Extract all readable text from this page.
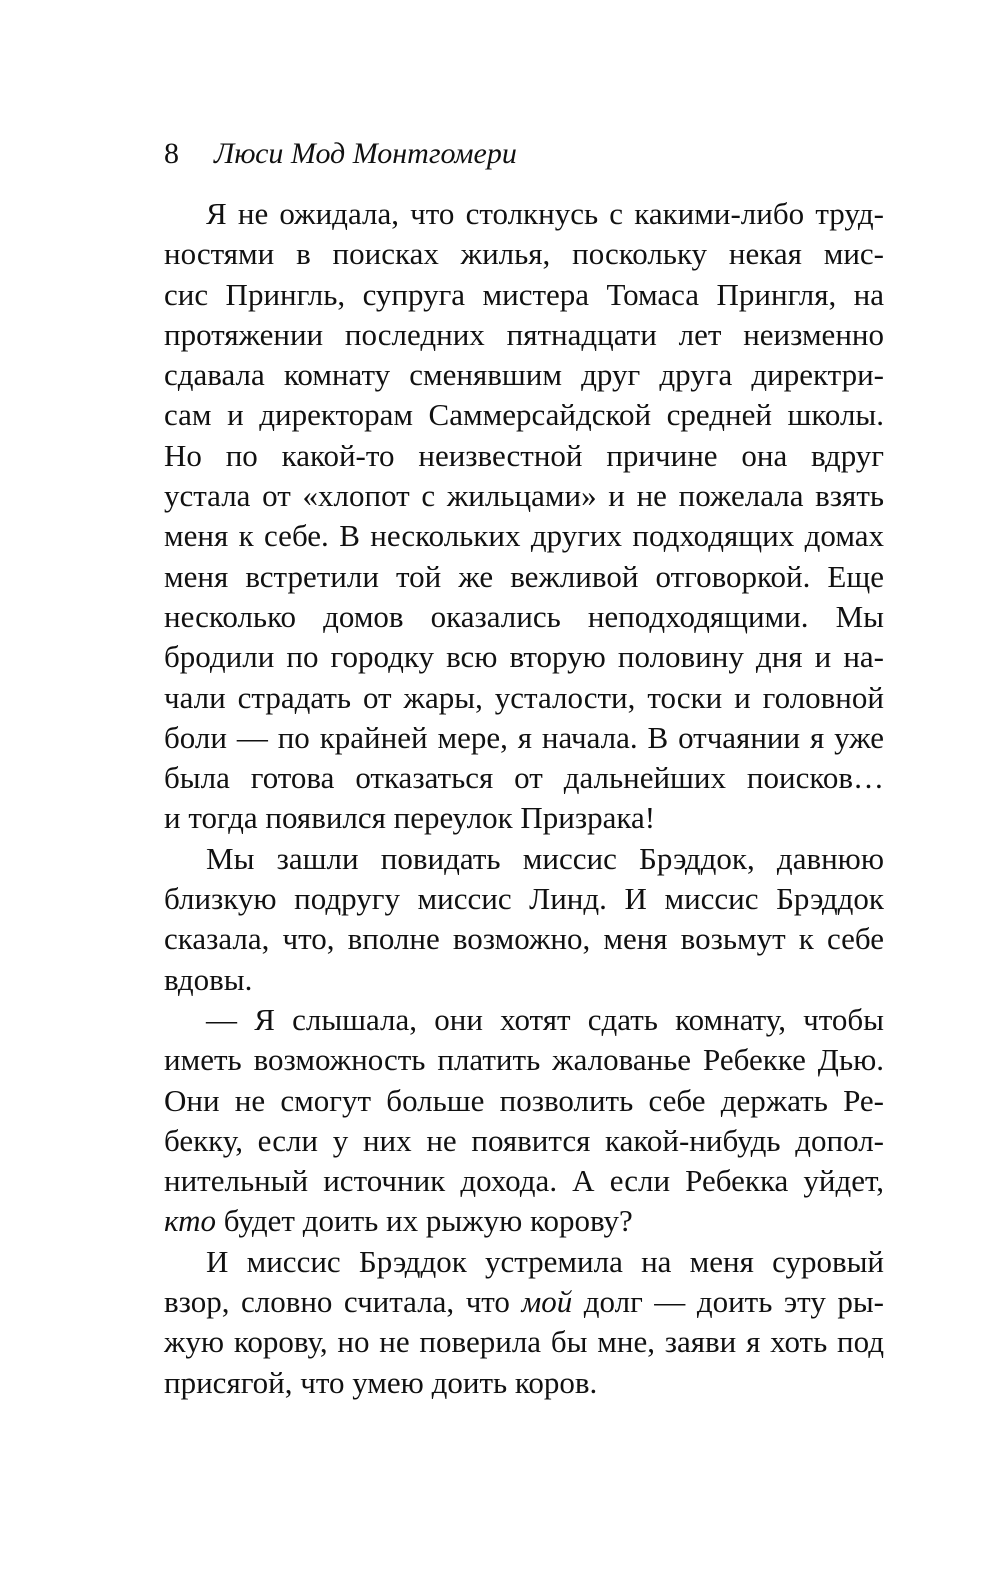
8 Люси Мод Монтгомери
Я не ожидала, что столкнусь с какими-либо труд-
ностями в поисках жилья, поскольку некая мис-
сис Прингль, супруга мистера Томаса Прингля, на
протяжении последних пятнадцати лет неизменно
сдавала комнату сменявшим друг друга директри-
сам и директорам Саммерсайдской средней школы.
Но по какой-то неизвестной причине она вдруг
устала от «хлопот с жильцами» и не пожелала взять
меня к себе. В нескольких других подходящих домах
меня встретили той же вежливой отговоркой. Еще
несколько домов оказались неподходящими. Мы
бродили по городку всю вторую половину дня и на-
чали страдать от жары, усталости, тоски и головной
боли — по крайней мере, я начала. В отчаянии я уже
была готова отказаться от дальнейших поисков…
и тогда появился переулок Призрака!
Мы зашли повидать миссис Брэддок, давнюю
близкую подругу миссис Линд. И миссис Брэддок
сказала, что, вполне возможно, меня возьмут к себе
вдовы.
— Я слышала, они хотят сдать комнату, чтобы
иметь возможность платить жалованье Ребекке Дью.
Они не смогут больше позволить себе держать Ре-
бекку, если у них не появится какой-нибудь допол-
нительный источник дохода. А если Ребекка уйдет,
кто будет доить их рыжую корову?
И миссис Брэддок устремила на меня суровый
взор, словно считала, что мой долг — доить эту ры-
жую корову, но не поверила бы мне, заяви я хоть под
присягой, что умею доить коров.
